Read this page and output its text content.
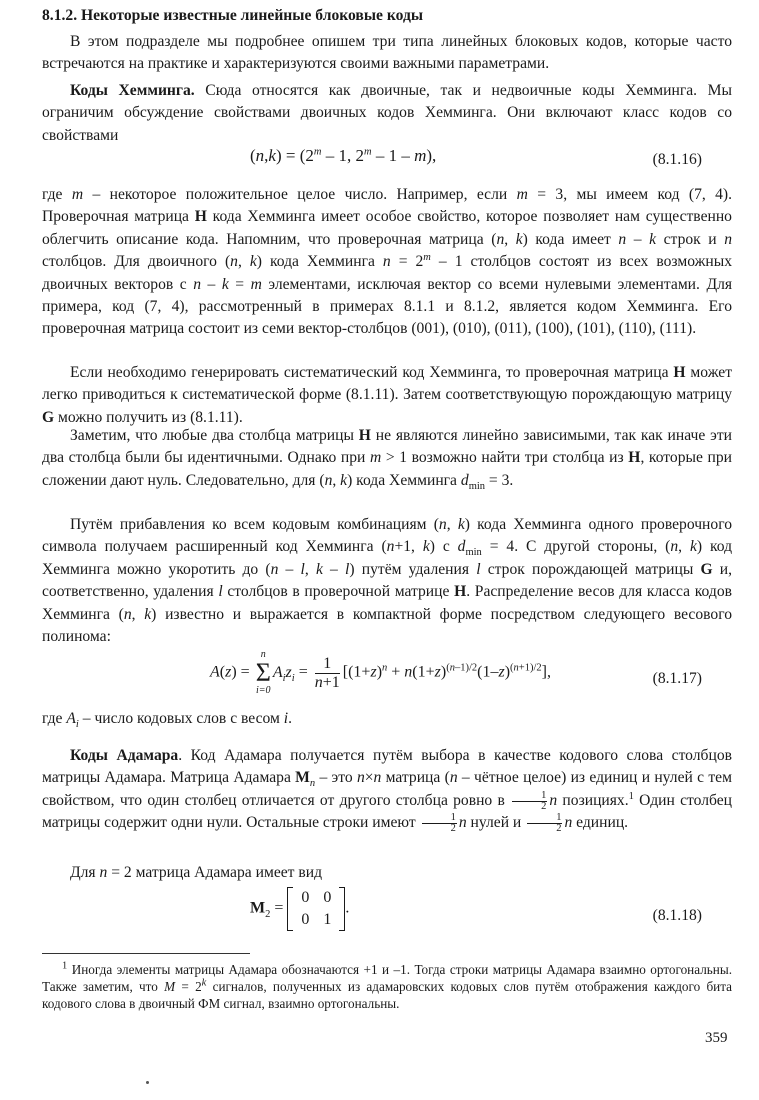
8.1.2. Некоторые известные линейные блоковые коды

В этом подразделе мы подробнее опишем три типа линейных блоковых кодов, которые часто встречаются на практике и характеризуются своими важными параметрами.

Коды Хемминга. Сюда относятся как двоичные, так и недвоичные коды Хемминга. Мы ограничим обсуждение свойствами двоичных кодов Хемминга. Они включают класс кодов со свойствами

$(n,k) = (2^m - 1$, 2$^m$ – 1 – m),	(8.1.16)

где m – некоторое положительное целое число. Например, если m = 3, мы имеем код (7, 4). Проверочная матрица H кода Хемминга имеет особое свойство, которое позволяет нам существенно облегчить описание кода. Напомним, что проверочная матрица (n, k) кода имеет n – k строк и n столбцов. Для двоичного (n, k) кода Хемминга $n = 2^m - 1$ столбцов состоят из всех возможных двоичных векторов с n – k = m элементами, исключая вектор со всеми нулевыми элементами. Для примера, код (7, 4), рассмотренный в примерах 8.1.1 и 8.1.2, является кодом Хемминга. Его проверочная матрица состоит из семи вектор-столбцов (001), (010), (011), (100), (101), (110), (111).

Если необходимо генерировать систематический код Хемминга, то проверочная матрица H может легко приводиться к систематической форме (8.1.11). Затем соответствующую порождающую матрицу G можно получить из (8.1.11).

Заметим, что любые два столбца матрицы H не являются линейно зависимыми, так как иначе эти два столбца были бы идентичными. Однако при m > 1 возможно найти три столбца из H, которые при сложении дают нуль. Следовательно, для (n, k) кода Хемминга $d_{min} = 3$.

Путём прибавления ко всем кодовым комбинациям (n, k) кода Хемминга одного проверочного символа получаем расширенный код Хемминга (n+1, k) с $d_{min} = 4$. С другой стороны, (n, k) код Хемминга можно укоротить до (n – l, k – l) путём удаления l строк порождающей матрицы G и, соответственно, удаления l столбцов в проверочной матрице H. Распределение весов для класса кодов Хемминга (n, k) известно и выражается в компактной форме посредством следующего весового полинома:

A(z) =
n
Σ
i=0
$A_iz_i = \frac{1}{n+1} [(1+z)^n + n(1+z)^{(n-1)/2}(1-z)^{(n+1)/2}]$,	(8.1.17)

где $A_i$ – число кодовых слов с весом i.

Коды Адамара. Код Адамара получается путём выбора в качестве кодового слова столбцов матрицы Адамара. Матрица Адамара $M_n$ – это n×n матрица (n – чётное целое) из единиц и нулей с тем свойством, что один столбец отличается от другого столбца ровно в $\frac{1}{2}$ n позициях.$^1$ Один столбец матрицы содержит одни нули. Остальные строки имеют $\frac{1}{2}$ n нулей и $\frac{1}{2}$ n единиц.

Для n = 2 матрица Адамара имеет вид

$M_2$ =
0	0
0	1
.	(8.1.18)

$^1$ Иногда элементы матрицы Адамара обозначаются +1 и –1. Тогда строки матрицы Адамара взаимно ортогональны. Также заметим, что $M = 2^k$ сигналов, полученных из адамаровских кодовых слов путём отображения каждого бита кодового слова в двоичный ФМ сигнал, взаимно ортогональны.

359
